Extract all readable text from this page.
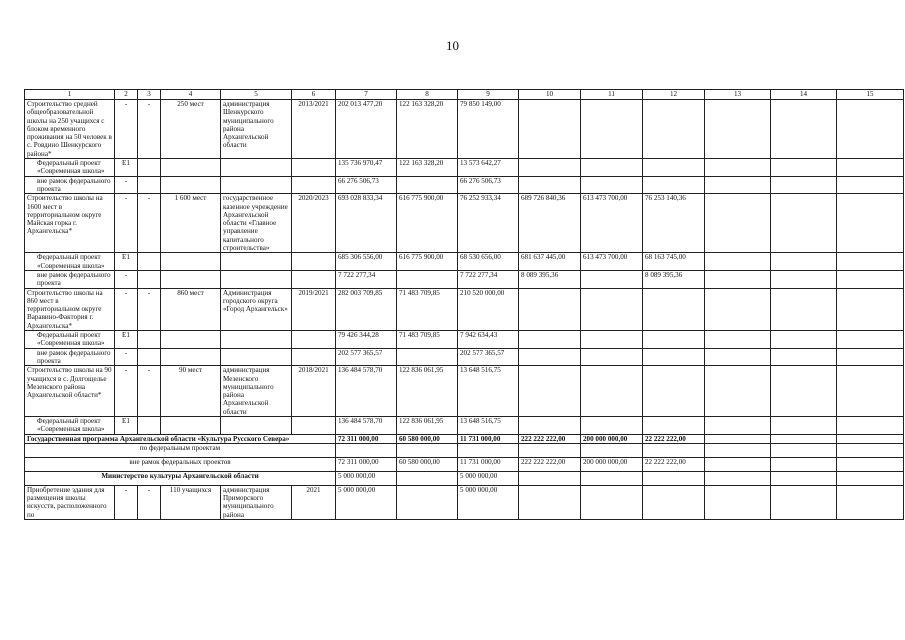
10
1	2	3	4	5	6	7	8	9	10	11	12	13	14	15
Строительство средней общеобразовательной школы на 250 учащихся с блоком временного проживания на 50 человек в с. Ровдино Шенкурского района*	-	-	250 мест	администрация Шенкурского муниципального района Архангельской области	2013/2021	202 013 477,20	122 163 328,20	79 850 149,00						
Федеральный проект «Современная школа»	E1					135 736 970,47	122 163 328,20	13 573 642,27						
вне рамок федерального проекта	-					66 276 506,73		66 276 506,73						
Строительство школы на 1600 мест в территориальном округе Майская горка г. Архангельска*	-	-	1 600 мест	государственное казенное учреждение Архангельской области «Главное управление капитального строительства»	2020/2023	693 028 833,34	616 775 900,00	76 252 933,34	689 726 840,36	613 473 700,00	76 253 140,36			
Федеральный проект «Современная школа»	E1					685 306 556,00	616 775 900,00	68 530 656,00	681 637 445,00	613 473 700,00	68 163 745,00			
вне рамок федерального проекта	-					7 722 277,34		7 722 277,34	8 089 395,36		8 089 395,36			
Строительство школы на 860 мест в территориальном округе Варавино-Фактория г. Архангельска*	-	-	860 мест	Администрация городского округа «Город Архангельск»	2019/2021	282 003 709,85	71 483 709,85	210 520 000,00						
Федеральный проект «Современная школа»	E1					79 426 344,28	71 483 709,85	7 942 634,43						
вне рамок федерального проекта	-					202 577 365,57		202 577 365,57						
Строительство школы на 90 учащихся в с. Долгощелье Мезенского района Архангельской области*	-	-	90 мест	администрация Мезенского муниципального района Архангельской области	2018/2021	136 484 578,70	122 836 061,95	13 648 516,75						
Федеральный проект «Современная школа»	E1					136 484 578,70	122 836 061,95	13 648 516,75						
Государственная программа Архангельской области «Культура Русского Севера»						72 311 000,00	60 580 000,00	11 731 000,00	222 222 222,00	200 000 000,00	22 222 222,00			
по федеральным проектам														
вне рамок федеральных проектов						72 311 000,00	60 580 000,00	11 731 000,00	222 222 222,00	200 000 000,00	22 222 222,00			
Министерство культуры Архангельской области						5 000 000,00		5 000 000,00						
Приобретение здания для размещения школы искусств, расположенного по	-	-	110 учащихся	администрация Приморского муниципального района	2021	5 000 000,00		5 000 000,00						
